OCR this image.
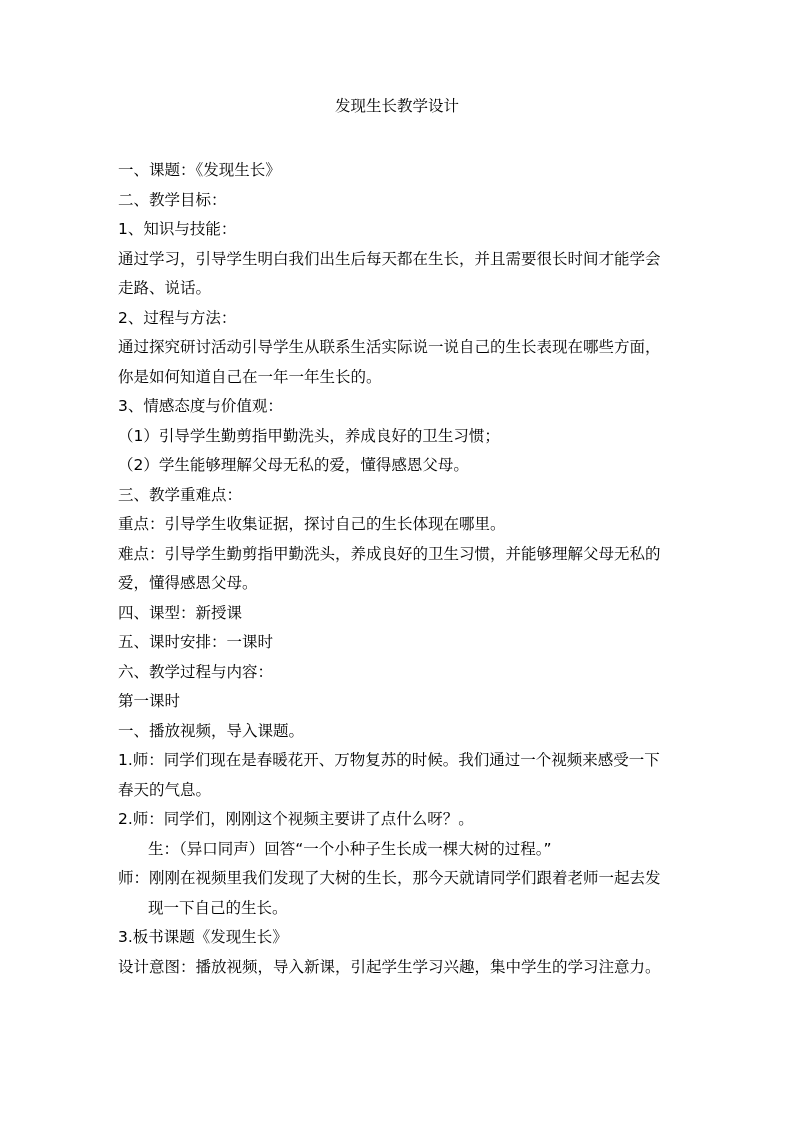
发现生长教学设计
一、课题：《发现生长》
二、教学目标：
1、知识与技能：
通过学习，引导学生明白我们出生后每天都在生长，并且需要很长时间才能学会
走路、说话。
2、过程与方法：
通过探究研讨活动引导学生从联系生活实际说一说自己的生长表现在哪些方面，
你是如何知道自己在一年一年生长的。
3、情感态度与价值观：
（1）引导学生勤剪指甲勤洗头，养成良好的卫生习惯；
（2）学生能够理解父母无私的爱，懂得感恩父母。
三、教学重难点：
重点：引导学生收集证据，探讨自己的生长体现在哪里。
难点：引导学生勤剪指甲勤洗头，养成良好的卫生习惯，并能够理解父母无私的
爱，懂得感恩父母。
四、课型：新授课
五、课时安排：一课时
六、教学过程与内容：
第一课时
一、播放视频，导入课题。
1.师：同学们现在是春暖花开、万物复苏的时候。我们通过一个视频来感受一下
春天的气息。
2.师：同学们，刚刚这个视频主要讲了点什么呀？。
生：（异口同声）回答“一个小种子生长成一棵大树的过程。”
师：刚刚在视频里我们发现了大树的生长，那今天就请同学们跟着老师一起去发
现一下自己的生长。
3.板书课题《发现生长》
设计意图：播放视频，导入新课，引起学生学习兴趣，集中学生的学习注意力。
